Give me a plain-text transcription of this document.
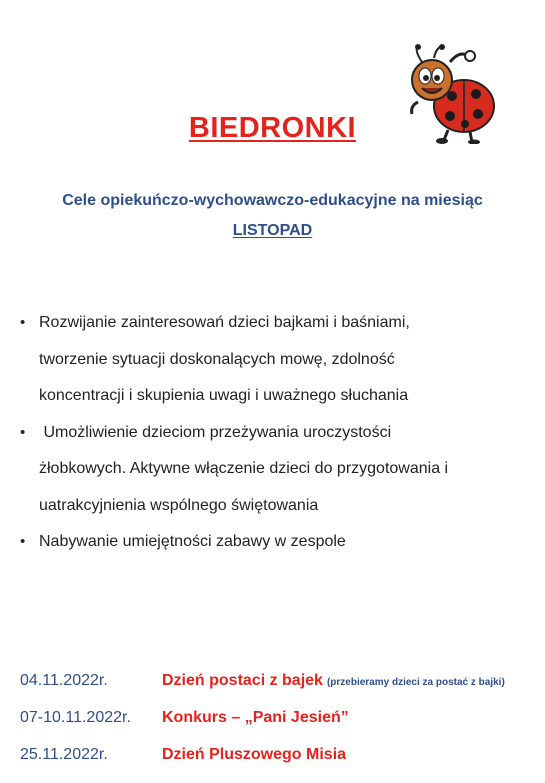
BIEDRONKI
Cele opiekuńczo-wychowawczo-edukacyjne na miesiąc
LISTOPAD
• Rozwijanie zainteresowań dzieci bajkami i baśniami,
tworzenie sytuacji doskonalących mowę, zdolność
koncentracji i skupienia uwagi i uważnego słuchania
• Umożliwienie dzieciom przeżywania uroczystości
żłobkowych. Aktywne włączenie dzieci do przygotowania i
uatrakcyjnienia wspólnego świętowania
• Nabywanie umiejętności zabawy w zespole
04.11.2022r.	Dzień postaci z bajek (przebieramy dzieci za postać z bajki)
07-10.11.2022r. Konkurs – „Pani Jesień”
25.11.2022r.	Dzień Pluszowego Misia
